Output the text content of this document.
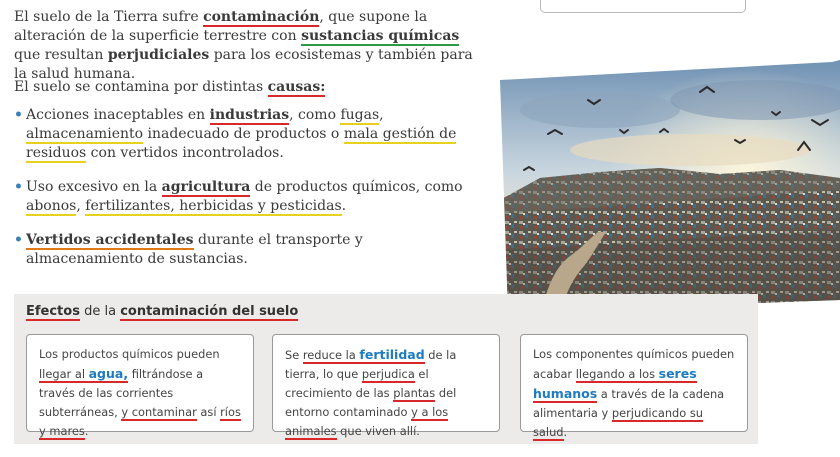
El suelo de la Tierra sufre contaminación, que supone la alteración de la superficie terrestre con sustancias químicas que resultan perjudiciales para los ecosistemas y también para la salud humana.
El suelo se contamina por distintas causas:
• Acciones inaceptables en industrias, como fugas, almacenamiento inadecuado de productos o mala gestión de residuos con vertidos incontrolados.
• Uso excesivo en la agricultura de productos químicos, como abonos, fertilizantes, herbicidas y pesticidas.
• Vertidos accidentales durante el transporte y almacenamiento de sustancias.
Efectos de la contaminación del suelo
Los productos químicos pueden llegar al agua, filtrándose a través de las corrientes subterráneas, y contaminar así ríos y mares.
Se reduce la fertilidad de la tierra, lo que perjudica el crecimiento de las plantas del entorno contaminado y a los animales que viven allí.
Los componentes químicos pueden acabar llegando a los seres humanos a través de la cadena alimentaria y perjudicando su salud.
